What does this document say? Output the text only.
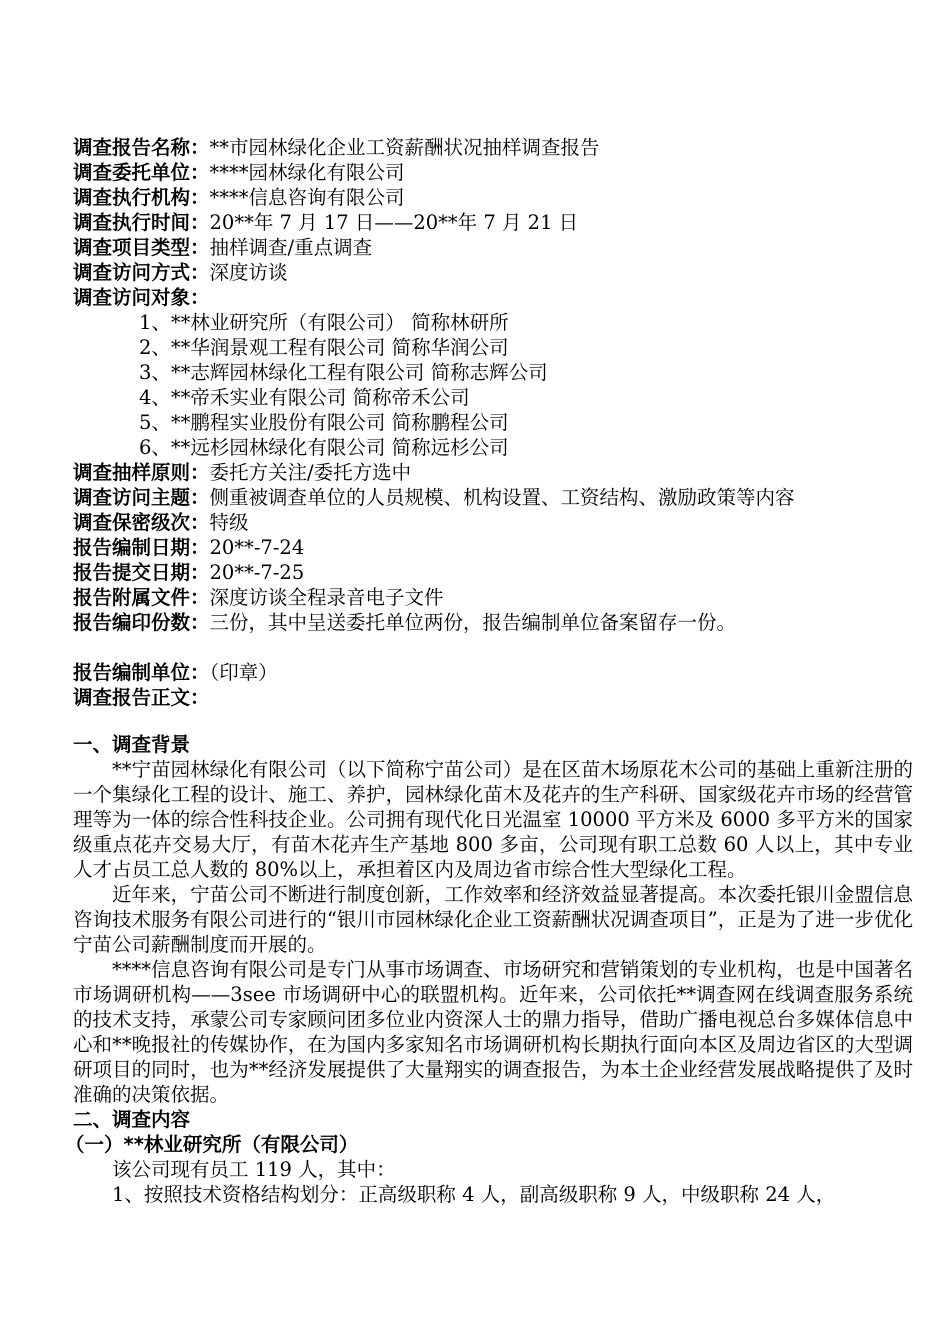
调查报告名称：**市园林绿化企业工资薪酬状况抽样调查报告
调查委托单位：****园林绿化有限公司
调查执行机构：****信息咨询有限公司
调查执行时间：20**年 7 月 17 日——20**年 7 月 21 日
调查项目类型：抽样调查/重点调查
调查访问方式：深度访谈
调查访问对象：
1、**林业研究所（有限公司） 简称林研所
2、**华润景观工程有限公司 简称华润公司
3、**志辉园林绿化工程有限公司 简称志辉公司
4、**帝禾实业有限公司 简称帝禾公司
5、**鹏程实业股份有限公司 简称鹏程公司
6、**远杉园林绿化有限公司 简称远杉公司
调查抽样原则：委托方关注/委托方选中
调查访问主题：侧重被调查单位的人员规模、机构设置、工资结构、激励政策等内容
调查保密级次：特级
报告编制日期：20**-7-24
报告提交日期：20**-7-25
报告附属文件：深度访谈全程录音电子文件
报告编印份数：三份，其中呈送委托单位两份，报告编制单位备案留存一份。
报告编制单位：（印章）
调查报告正文：
一、调查背景

**宁苗园林绿化有限公司（以下简称宁苗公司）是在区苗木场原花木公司的基础上重新注册的一个集绿化工程的设计、施工、养护，园林绿化苗木及花卉的生产科研、国家级花卉市场的经营管理等为一体的综合性科技企业。公司拥有现代化日光温室 10000 平方米及 6000 多平方米的国家级重点花卉交易大厅，有苗木花卉生产基地 800 多亩，公司现有职工总数 60 人以上，其中专业人才占员工总人数的 80%以上，承担着区内及周边省市综合性大型绿化工程。

近年来，宁苗公司不断进行制度创新，工作效率和经济效益显著提高。本次委托银川金盟信息咨询技术服务有限公司进行的“银川市园林绿化企业工资薪酬状况调查项目”，正是为了进一步优化宁苗公司薪酬制度而开展的。

****信息咨询有限公司是专门从事市场调查、市场研究和营销策划的专业机构，也是中国著名市场调研机构——3see 市场调研中心的联盟机构。近年来，公司依托**调查网在线调查服务系统的技术支持，承蒙公司专家顾问团多位业内资深人士的鼎力指导，借助广播电视总台多媒体信息中心和**晚报社的传媒协作，在为国内多家知名市场调研机构长期执行面向本区及周边省区的大型调研项目的同时，也为**经济发展提供了大量翔实的调查报告，为本土企业经营发展战略提供了及时准确的决策依据。

二、调查内容
（一）**林业研究所（有限公司）

该公司现有员工 119 人，其中：

1、按照技术资格结构划分：正高级职称 4 人，副高级职称 9 人，中级职称 24 人，
